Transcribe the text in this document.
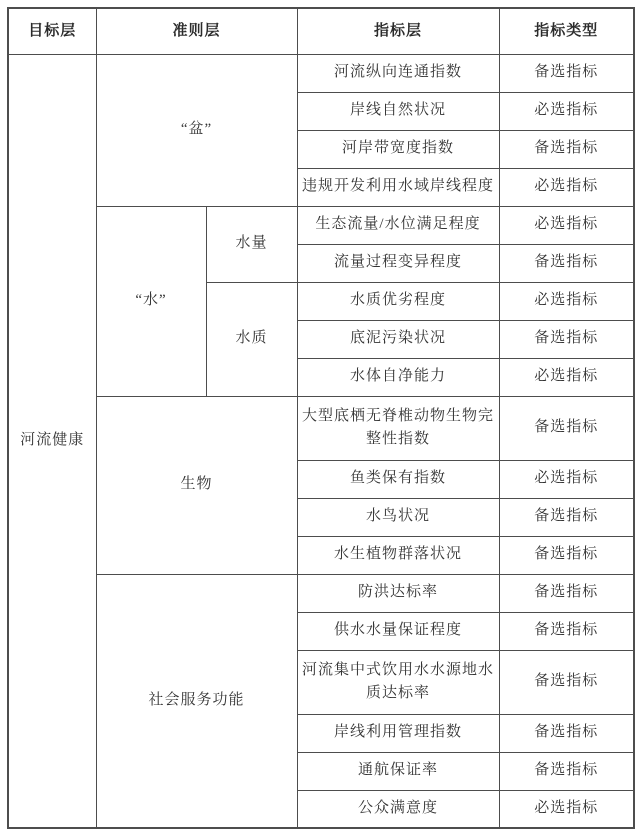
目标层	准则层		指标层	指标类型
河流健康	“盆”		河流纵向连通指数	备选指标
			岸线自然状况	必选指标
			河岸带宽度指数	备选指标
			违规开发利用水域岸线程度	必选指标
	“水”	水量	生态流量/水位满足程度	必选指标
			流量过程变异程度	备选指标
		水质	水质优劣程度	必选指标
			底泥污染状况	备选指标
			水体自净能力	必选指标
	生物		大型底栖无脊椎动物生物完整性指数	备选指标
			鱼类保有指数	必选指标
			水鸟状况	备选指标
			水生植物群落状况	备选指标
	社会服务功能		防洪达标率	备选指标
			供水水量保证程度	备选指标
			河流集中式饮用水水源地水质达标率	备选指标
			岸线利用管理指数	备选指标
			通航保证率	备选指标
			公众满意度	必选指标
